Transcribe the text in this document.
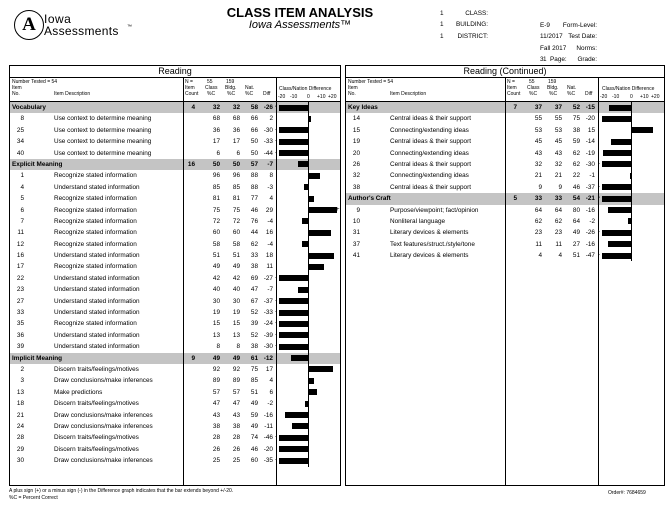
A Iowa
Assessments ™
CLASS ITEM ANALYSIS
Iowa Assessments™
CLASS:
1
BUILDING:
1
DISTRICT:
1
Form-Level:
E-9
Test Date:
11/2017
Norms:
Fall 2017
Grade:
3 Page:
1
Reading
Number Tested = 54
Item
No.	Item Description
N =	55	159
Item
Count
Class
%C
Bldg.
%C
Nat.
%C Diff
Class/Nation Difference
-20 -10 0 +10 +20
Vocabulary	4	32 32 58 -26 -
8	Use context to determine meaning	68 68 66 2
25	Use context to determine meaning	36 36 66 -30 -
34	Use context to determine meaning	17 17 50 -33 -
40	Use context to determine meaning	6	6 50 -44 -
Explicit Meaning	16	50 50 57 -7
1	Recognize stated information	96 96 88 8
4	Understand stated information	85 85 88 -3
5	Recognize stated information	81 81 77 4
6	Recognize stated information	75 75 46 29	+
7	Recognize stated information	72 72 76 -4
11	Recognize stated information	60 60 44 16
12	Recognize stated information	58 58 62 -4
16	Understand stated information	51 51 33 18
17	Recognize stated information	49 49 38 11
22	Understand stated information	42 42 69 -27 -
23	Understand stated information	40 40 47 -7
27	Understand stated information	30 30 67 -37 -
33	Understand stated information	19 19 52 -33 -
35	Recognize stated information	15 15 39 -24 -
36	Understand stated information	13 13 52 -39 -
39	Understand stated information	8	8 38 -30 -
Implicit Meaning	9	49 49 61 -12
2	Discern traits/feelings/motives	92 92 75 17
3	Draw conclusions/make inferences	89 89 85 4
13	Make predictions	57 57 51 6
18	Discern traits/feelings/motives	47 47 49 -2
21	Draw conclusions/make inferences	43 43 59 -16
24	Draw conclusions/make inferences	38 38 49 -11
28	Discern traits/feelings/motives	28 28 74 -46 -
29	Discern traits/feelings/motives	26 26 46 -20
30	Draw conclusions/make inferences	25 25 60 -35 -
Reading (Continued)
Number Tested = 54
Item
No.	Item Description
N =	55	159
Item
Count
Class
%C
Bldg.
%C
Nat.
%C Diff
Class/Nation Difference
-20 -10 0 +10 +20
Key Ideas	7	37 37 52 -15
14	Central ideas & their support	55 55 75 -20
15	Connecting/extending ideas	53 53 38 15
19	Central ideas & their support	45 45 59 -14
20	Connecting/extending ideas	43 43 62 -19
26	Central ideas & their support	32 32 62 -30 -
32	Connecting/extending ideas	21 21 22 -1
38	Central ideas & their support	9	9 46 -37 -
Author's Craft	5	33 33 54 -21 -
9	Purpose/viewpoint; fact/opinion	64 64 80 -16
10	Nonliteral language	62 62 64 -2
31	Literary devices & elements	23 23 49 -26 -
37	Text features/struct./style/tone	11 11 27 -16
41	Literary devices & elements	4	4 51 -47 -
A plus sign (+) or a minus sign (-) in the Difference graph indicates that the bar extends beyond +/-20.
%C = Percent Correct
Order#: 7684659
